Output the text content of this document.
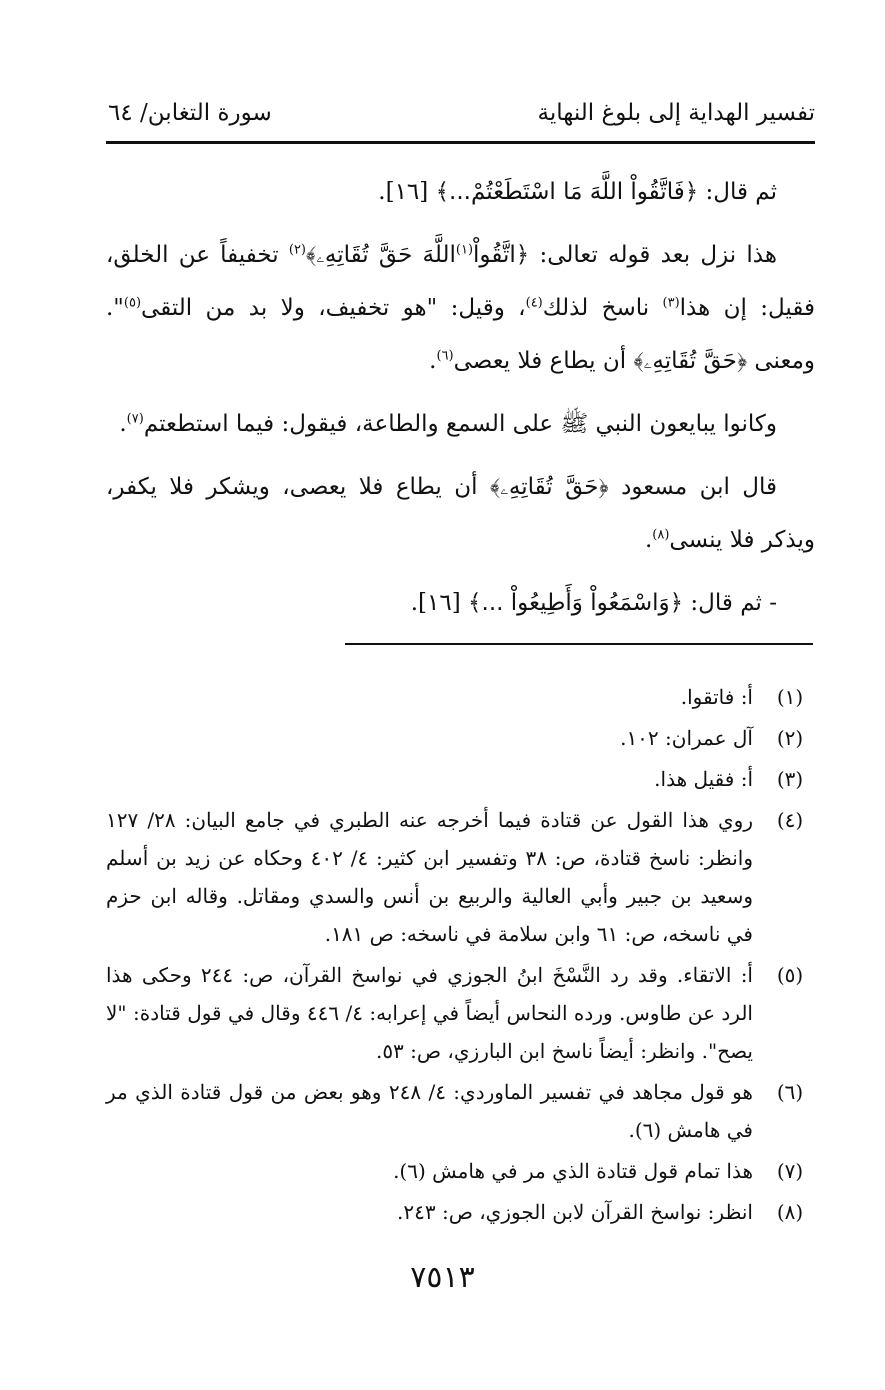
تفسير الهداية إلى بلوغ النهاية
سورة التغابن/ ٦٤

ثم قال: ﴿فَاتَّقُواْ اللَّهَ مَا اسْتَطَعْتُمْ...﴾ [١٦].

هذا نزل بعد قوله تعالى: ﴿اتَّقُواْ$^{(١)}$اللَّهَ حَقَّ تُقَاتِهِۦ﴾$^{(٢)}$ تخفيفاً عن الخلق، فقيل: إن هذا$^{(٣)}$ ناسخ لذلك$^{(٤)}$، وقيل: "هو تخفيف، ولا بد من التقى$^{(٥)}$". ومعنى ﴿حَقَّ تُقَاتِهِۦ﴾ أن يطاع فلا يعصى$^{(٦)}$.

وكانوا يبايعون النبي ﷺ على السمع والطاعة، فيقول: فيما استطعتم$^{(٧)}$.

قال ابن مسعود ﴿حَقَّ تُقَاتِهِۦ﴾ أن يطاع فلا يعصى، ويشكر فلا يكفر، ويذكر فلا ينسى$^{(٨)}$.

- ثم قال: ﴿وَاسْمَعُواْ وَأَطِيعُواْ ...﴾ [١٦].

(١)
أ: فاتقوا.
(٢)
آل عمران: ١٠٢.
(٣)
أ: فقيل هذا.
(٤)
روي هذا القول عن قتادة فيما أخرجه عنه الطبري في جامع البيان: ٢٨/ ١٢٧ وانظر: ناسخ قتادة، ص: ٣٨ وتفسير ابن كثير: ٤/ ٤٠٢ وحكاه عن زيد بن أسلم وسعيد بن جبير وأبي العالية والربيع بن أنس والسدي ومقاتل. وقاله ابن حزم في ناسخه، ص: ٦١ وابن سلامة في ناسخه: ص ١٨١.
(٥)
أ: الاتقاء. وقد رد النَّسْخَ ابنُ الجوزي في نواسخ القرآن، ص: ٢٤٤ وحكى هذا الرد عن طاوس. ورده النحاس أيضاً في إعرابه: ٤/ ٤٤٦ وقال في قول قتادة: "لا يصح". وانظر: أيضاً ناسخ ابن البارزي، ص: ٥٣.
(٦)
هو قول مجاهد في تفسير الماوردي: ٤/ ٢٤٨ وهو بعض من قول قتادة الذي مر في هامش (٦).
(٧)
هذا تمام قول قتادة الذي مر في هامش (٦).
(٨)
انظر: نواسخ القرآن لابن الجوزي، ص: ٢٤٣.
٧٥١٣
